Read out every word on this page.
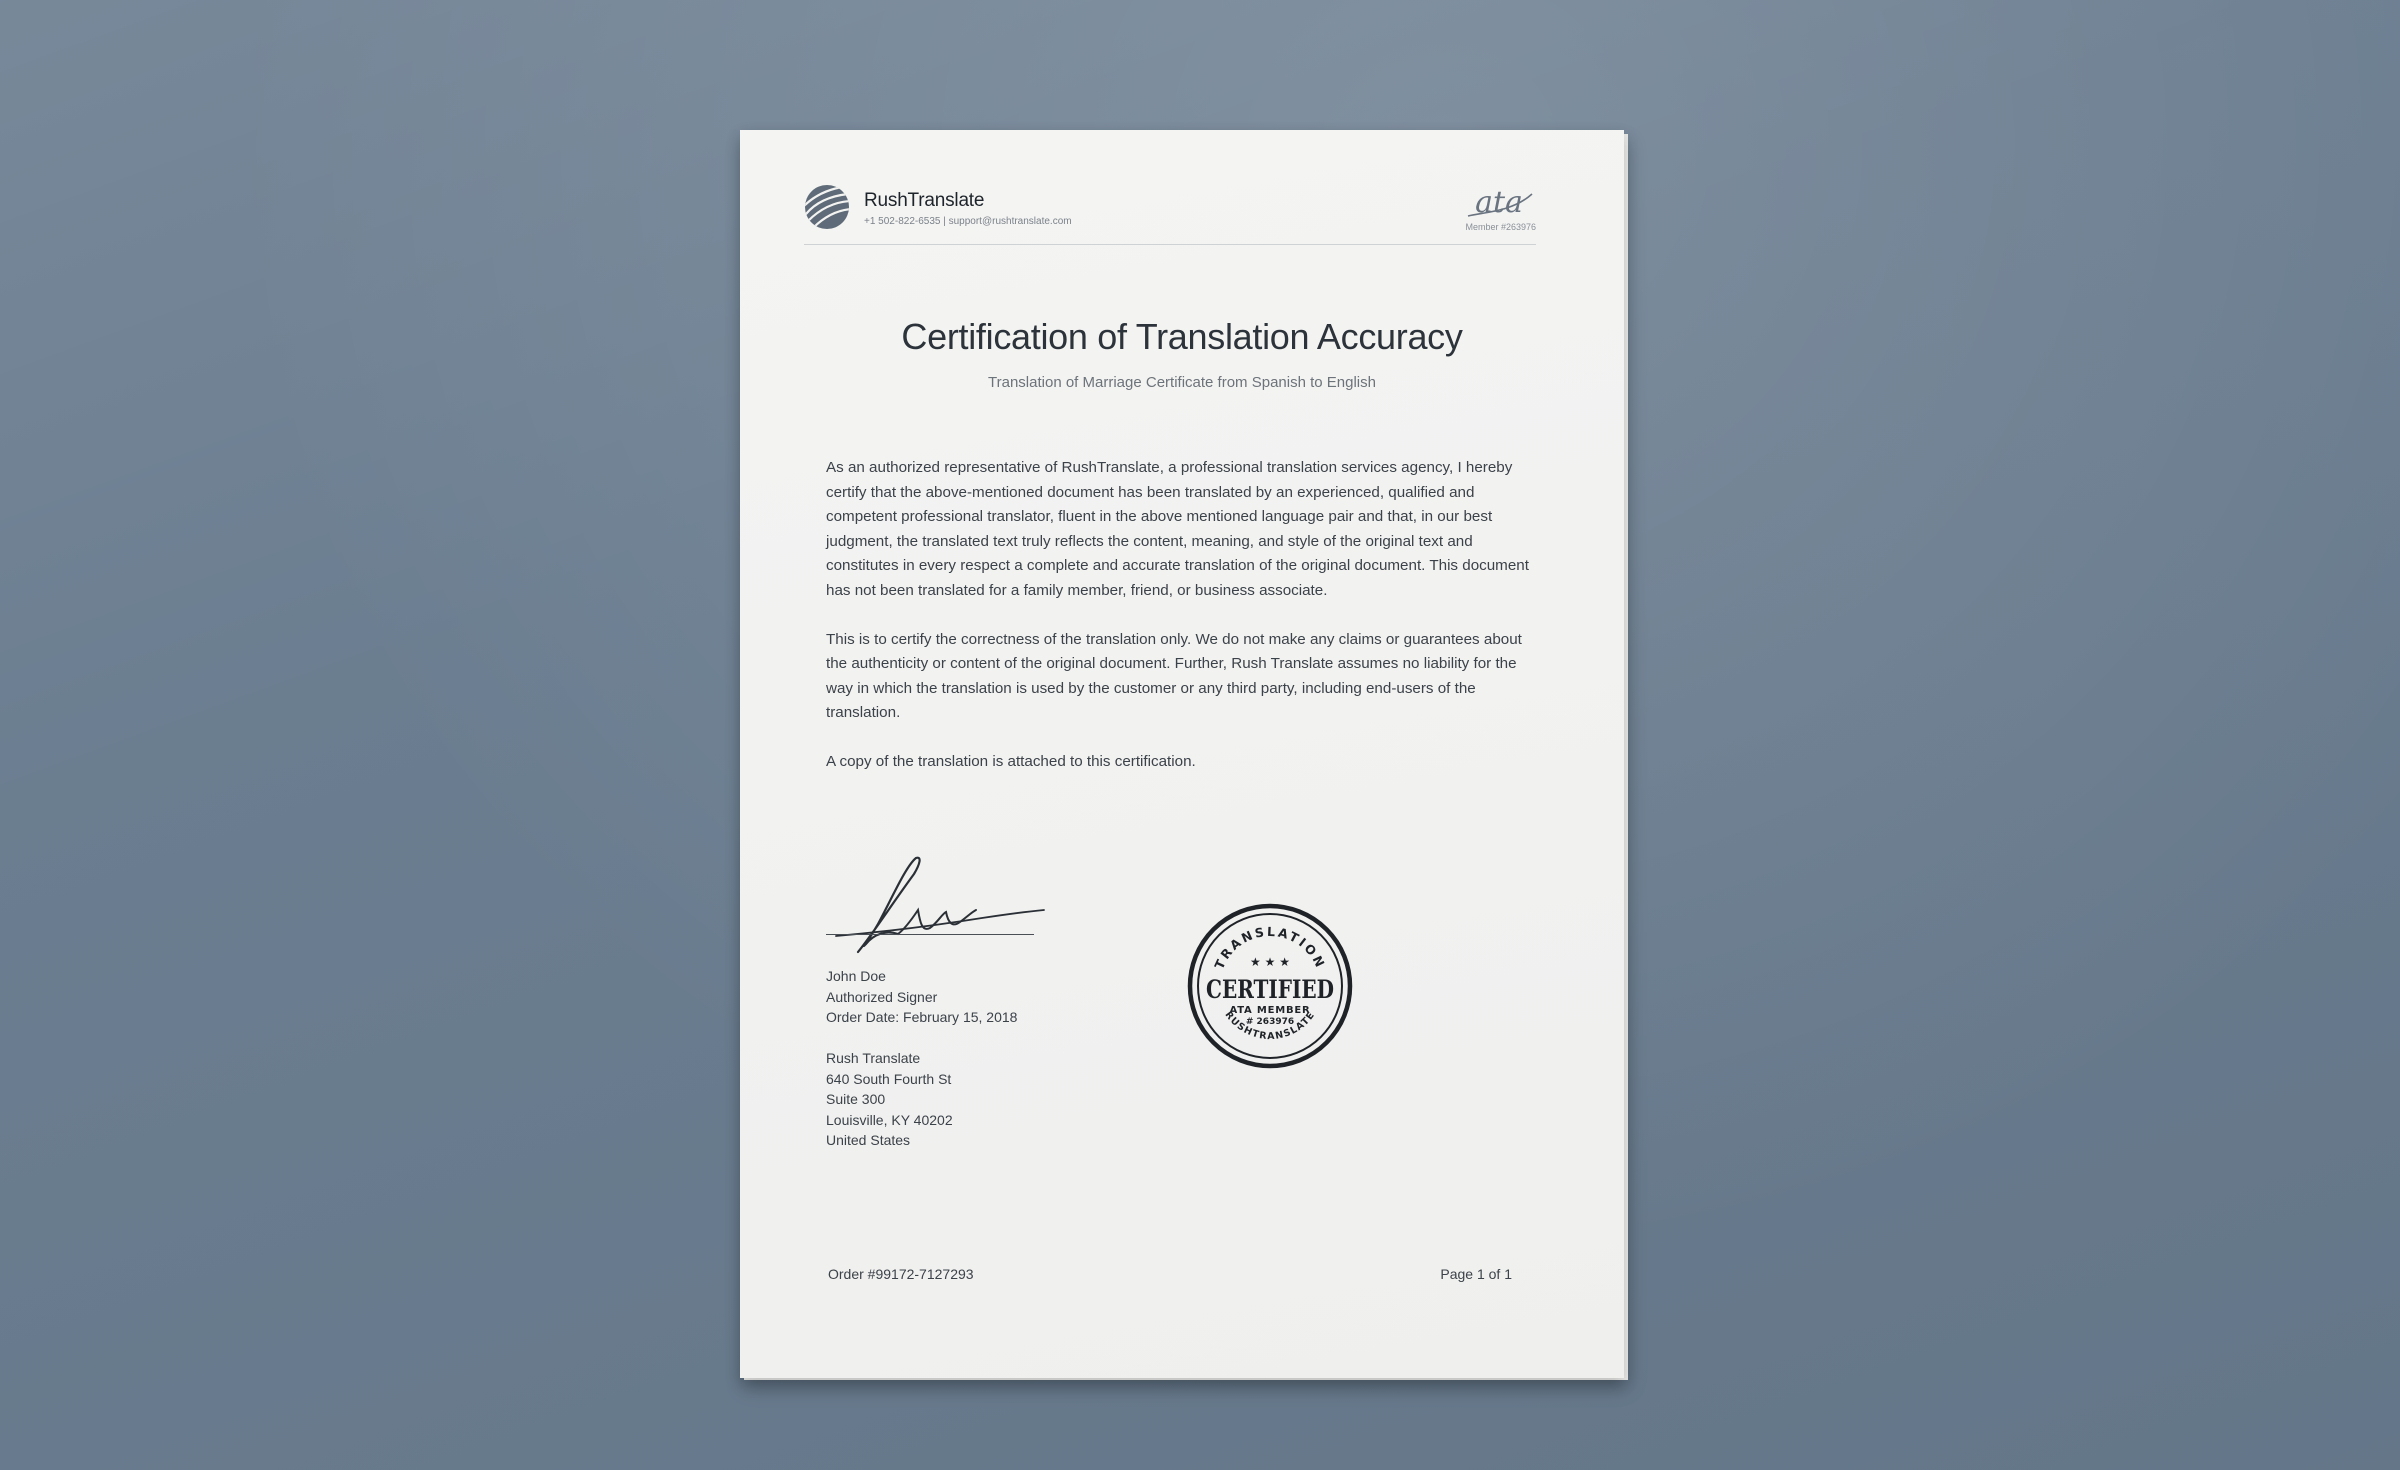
RushTranslate
+1 502-822-6535 | support@rushtranslate.com
ata
Member #263976
Certification of Translation Accuracy
Translation of Marriage Certificate from Spanish to English

As an authorized representative of RushTranslate, a professional translation services agency, I hereby certify that the above-mentioned document has been translated by an experienced, qualified and competent professional translator, fluent in the above mentioned language pair and that, in our best judgment, the translated text truly reflects the content, meaning, and style of the original text and constitutes in every respect a complete and accurate translation of the original document. This document has not been translated for a family member, friend, or business associate.

This is to certify the correctness of the translation only. We do not make any claims or guarantees about the authenticity or content of the original document. Further, Rush Translate assumes no liability for the way in which the translation is used by the customer or any third party, including end-users of the translation.

A copy of the translation is attached to this certification.

John Doe
Authorized Signer
Order Date: February 15, 2018
Rush Translate
640 South Fourth St
Suite 300
Louisville, KY 40202
United States
TRANSLATION
★ ★ ★
CERTIFIED
ATA MEMBER
# 263976
RUSHTRANSLATE
Order #99172-7127293	Page 1 of 1
